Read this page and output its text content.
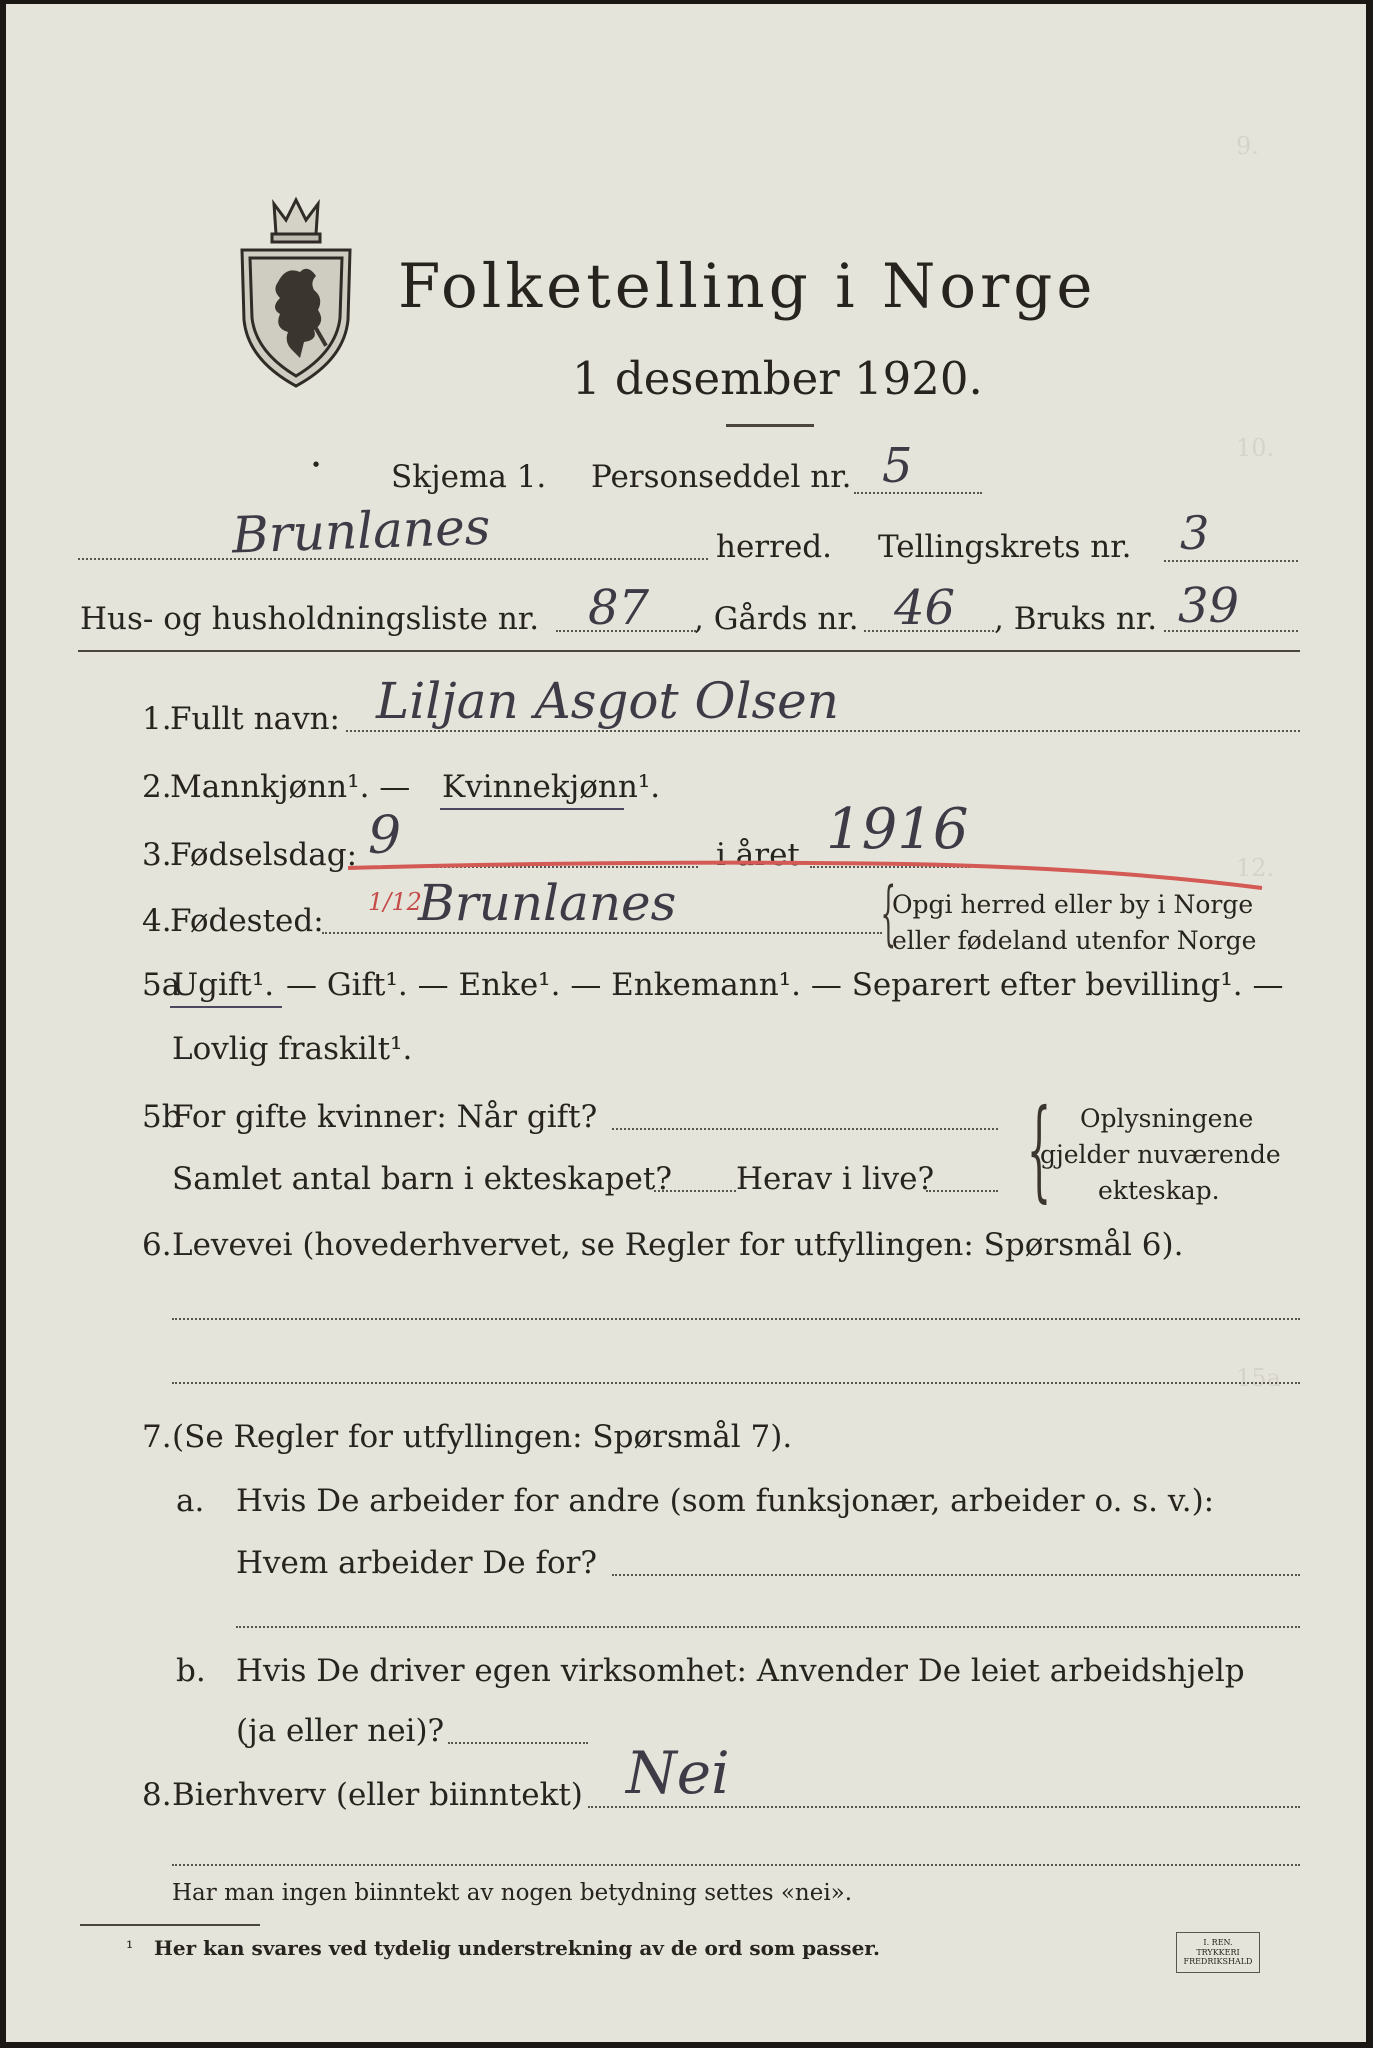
9.
10.
12.
15a
Folketelling i Norge
1 desember 1920.
● Skjema 1. Personseddel nr. 5
Brunlanes	herred. Tellingskrets nr. 3
Hus- og husholdningsliste nr. 87 , Gårds nr. 46 , Bruks nr. 39
1.
Fullt navn: Liljan Asgot Olsen
2.
Mannkjønn¹. — Kvinnekjønn¹.
3.
Fødselsdag: 9	i året 1916
4.
Fødested:
1/12
Brunlanes	{
Opgi herred eller by i Norge
eller fødeland utenfor Norge
5a
Ugift¹. — Gift¹. — Enke¹. — Enkemann¹. — Separert efter bevilling¹. —
Lovlig fraskilt¹.
5b
For gifte kvinner: Når gift?
Samlet antal barn i ekteskapet? Herav i live? { Oplysningene
gjelder nuværende
ekteskap.
6. Levevei (hovederhvervet, se Regler for utfyllingen: Spørsmål 6).
7. (Se Regler for utfyllingen: Spørsmål 7).
a. Hvis De arbeider for andre (som funksjonær, arbeider o. s. v.):
Hvem arbeider De for?
b. Hvis De driver egen virksomhet: Anvender De leiet arbeidshjelp
(ja eller nei)?
8. Bierhverv (eller biinntekt) Nei
Har man ingen biinntekt av nogen betydning settes «nei».
¹ Her kan svares ved tydelig understrekning av de ord som passer.	I. REN. TRYKKERI FREDRIKSHALD
